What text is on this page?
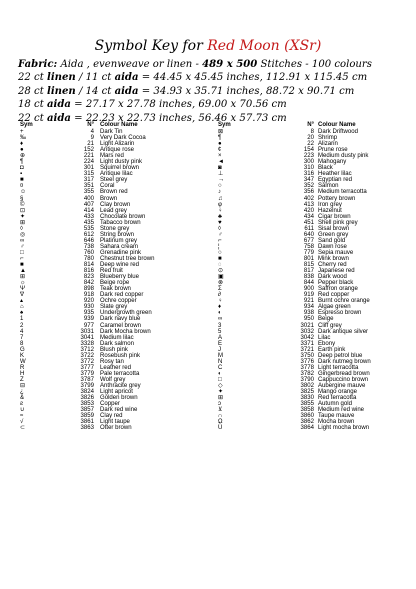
Symbol Key for Red Moon (XSr)
Fabric: Aida , evenweave or linen - 489 x 500 Stitches - 100 colours
22 ct linen / 11 ct aida = 44.45 x 45.45 inches, 112.91 x 115.45 cm
28 ct linen / 14 ct aida = 34.93 x 35.71 inches, 88.72 x 90.71 cm
18 ct aida = 27.17 x 27.78 inches, 69.00 x 70.56 cm
22 ct aida = 22.23 x 22.73 inches, 56.46 x 57.73 cm
Sym	N° Colour Name
+	4 Dark Tin
‰	9 Very Dark Cocoa
♦	21 Light Alizarin
●	152 Antique rose
⊕	221 Mars red
¶	224 Light dusty pink
◘	301 Squirrel brown
▪	315 Antique lilac
■	317 Steel grey
¤	351 Coral
☺	355 Brown red
§	400 Brown
©	407 Clay brown
⊡	414 Lead grey
✦	433 Chocolate brown
⊞	435 Tabacco brown
◊	535 Stone grey
◎	612 String brown
∞	646 Platinum grey
♂	738 Sahara cream
□	760 Grenadine pink
⌐	780 Chestnut tree brown
■	814 Deep wine red
▲	816 Red fruit
⊞	823 Blueberry blue
☼	842 Beige rope
Ψ	898 Teak brown
∇	918 Dark red copper
▴	920 Ochre copper
⌂	930 Slate grey
♠	935 Undergrowth green
1	939 Dark navy blue
2	977 Caramel brown
4	3031 Dark Mocha brown
7	3041 Medium lilac
8	3328 Dark salmon
G	3712 Blush pink
K	3722 Rosebush pink
W	3772 Rosy tan
R	3777 Leather red
H	3779 Pale terracotta
Z	3787 Wolf grey
⊟	3799 Anthracite grey
¿	3824 Light apricot
&	3826 Golden brown
ƨ	3853 Copper
∪	3857 Dark red wine
≈	3859 Clay red
√	3861 Light taupe
⊂	3863 Otter brown
Sym	N° Colour Name
⊠	8 Dark Driftwood
¶	20 Shrimp
●	22 Alizarin
¢	154 Prune rose
×	223 Medium dusty pink
◄	300 Mahogany
◙	310 Black
⊥	316 Heather lilac
→	347 Egyptian red
○	352 Salmon
♪	356 Medium terracotta
♫	402 Pottery brown
φ	413 Iron grey
♀	420 Hazelnut
♣	434 Cigar brown
♥	451 Shell pink grey
◊	611 Sisal brown
♂	640 Green grey
⌐	677 Sand gold
¦	758 Dawn rose
○	779 Sepia mauve
■	801 Mink brown
◌	815 Cherry red
⊙	817 Japanese red
▣	838 Dark wood
⊗	844 Pepper black
Σ	900 Saffron orange
∂	919 Red copper
♀	921 Burnt ochre orange
♦	934 Algae green
◐	938 Espresso brown
∞	950 Beige
3	3021 Cliff grey
5	3032 Dark antique silver
A	3042 Lilac
E	3371 Ebony
J	3721 Earth pink
M	3750 Deep petrol blue
N	3776 Dark nutmeg brown
C	3778 Light terracotta
◐	3782 Gingerbread brown
□	3790 Cappuccino brown
◇	3802 Aubergine mauve
✦	3825 Mango orange
⊞	3830 Red terracotta
ɔ	3855 Autumn gold
⊻	3858 Medium red wine
∩	3860 Taupe mauve
Ω	3862 Mocha brown
Ü	3864 Light mocha brown
